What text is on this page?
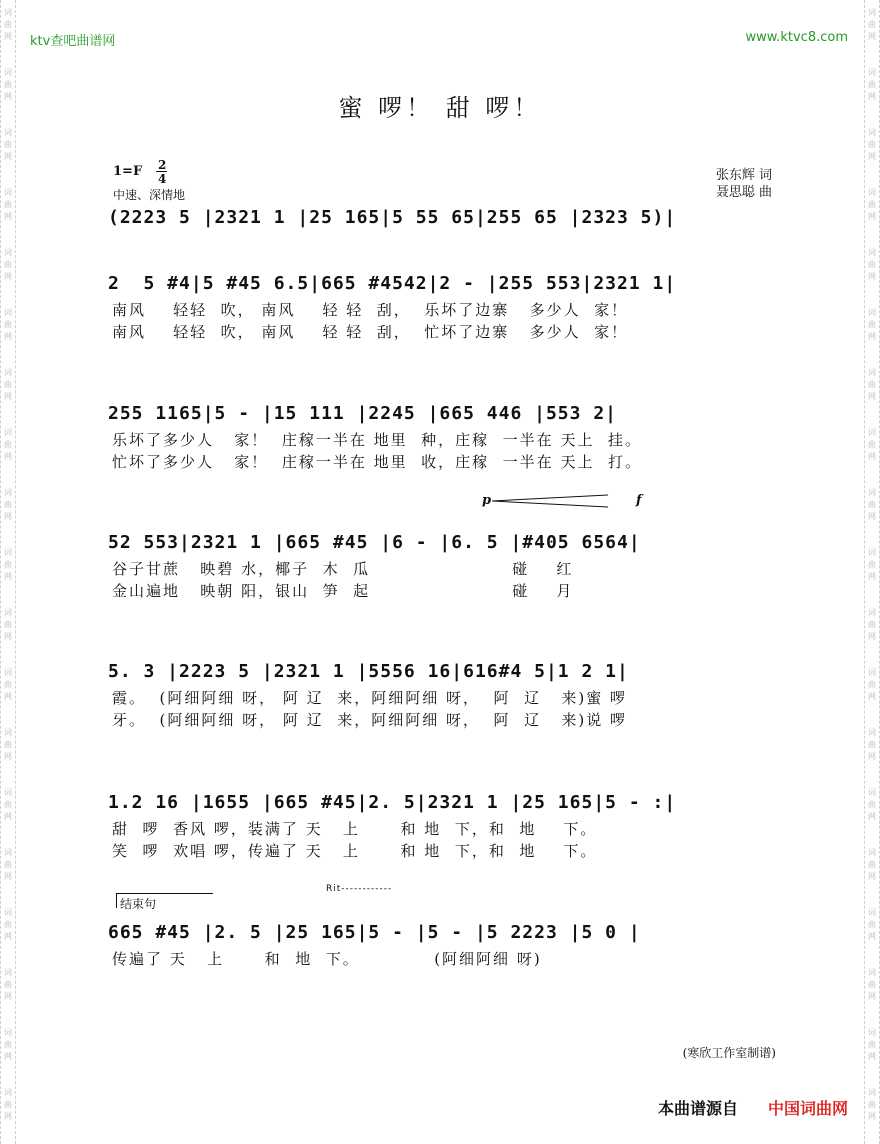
词
曲
网
词
曲
网
词
曲
网
词
曲
网
词
曲
网
词
曲
网
词
曲
网
词
曲
网
词
曲
网
词
曲
网
词
曲
网
词
曲
网
词
曲
网
词
曲
网
词
曲
网
词
曲
网
词
曲
网
词
曲
网
词
曲
网
词
曲
网
词
曲
网
词
曲
网
词
曲
网
词
曲
网
词
曲
网
词
曲
网
词
曲
网
词
曲
网
词
曲
网
词
曲
网
词
曲
网
词
曲
网
词
曲
网
词
曲
网
词
曲
网
词
曲
网
词
曲
网
词
曲
网
ktv查吧曲谱网	www.ktvc8.com
蜜 啰！ 甜 啰！
1=F 2
4
中速、深情地
张东辉 词
聂思聪 曲
(2223 5 |2321 1 |25 165|5 55 65|255 65 |2323 5)|
2  5 #4|5 #45 6.5|665 #4542|2 - |255 553|2321 1|
南风    轻轻  吹， 南风    轻 轻  刮，  乐坏了边寨   多少人  家！
南风    轻轻  吹， 南风    轻 轻  刮，  忙坏了边寨   多少人  家！
255 1165|5 - |15 111 |2245 |665 446 |553 2|
乐坏了多少人   家！  庄稼一半在 地里  种，庄稼  一半在 天上  挂。
忙坏了多少人   家！  庄稼一半在 地里  收，庄稼  一半在 天上  打。
p	f
52 553|2321 1 |665 #45 |6 - |6. 5 |#405 6564|
谷子甘蔗   映碧 水，椰子  木  瓜                     碰    红
金山遍地   映朝 阳，银山  笋  起                     碰    月
5. 3 |2223 5 |2321 1 |5556 16|616#4 5|1 2 1|
霞。  (阿细阿细 呀， 阿 辽  来，阿细阿细 呀，  阿  辽   来)蜜 啰
牙。  (阿细阿细 呀， 阿 辽  来，阿细阿细 呀，  阿  辽   来)说 啰
1.2 16 |1655 |665 #45|2. 5|2321 1 |25 165|5 - :|
甜  啰  香风 啰，装满了 天   上      和 地  下，和  地    下。
笑  啰  欢唱 啰，传遍了 天   上      和 地  下，和  地    下。
结束句
Rit------------
665 #45 |2. 5 |25 165|5 - |5 - |5 2223 |5 0 |
传遍了 天   上      和  地  下。           (阿细阿细 呀)
(寒欣工作室制谱)
本曲谱源自 中国词曲网
